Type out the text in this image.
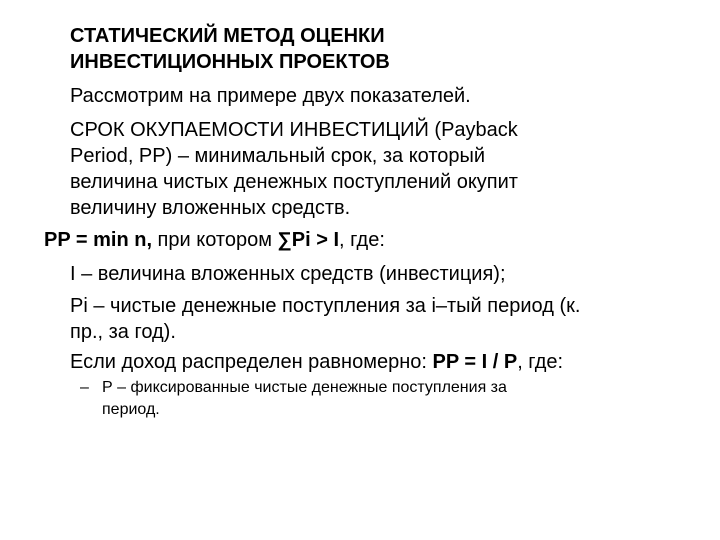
СТАТИЧЕСКИЙ МЕТОД ОЦЕНКИ
ИНВЕСТИЦИОННЫХ ПРОЕКТОВ
Рассмотрим на примере двух показателей.
СРОК ОКУПАЕМОСТИ ИНВЕСТИЦИЙ (Payback
Period, PP) – минимальный срок, за который
величина чистых денежных поступлений окупит
величину вложенных средств.
PP = min n, при котором ∑Pi > I, где:
I – величина вложенных средств (инвестиция);
Pi – чистые денежные поступления за i–тый период (к.
пр., за год).
Если доход распределен равномерно: PP = I / P, где:
– Р – фиксированные чистые денежные поступления за
период.
